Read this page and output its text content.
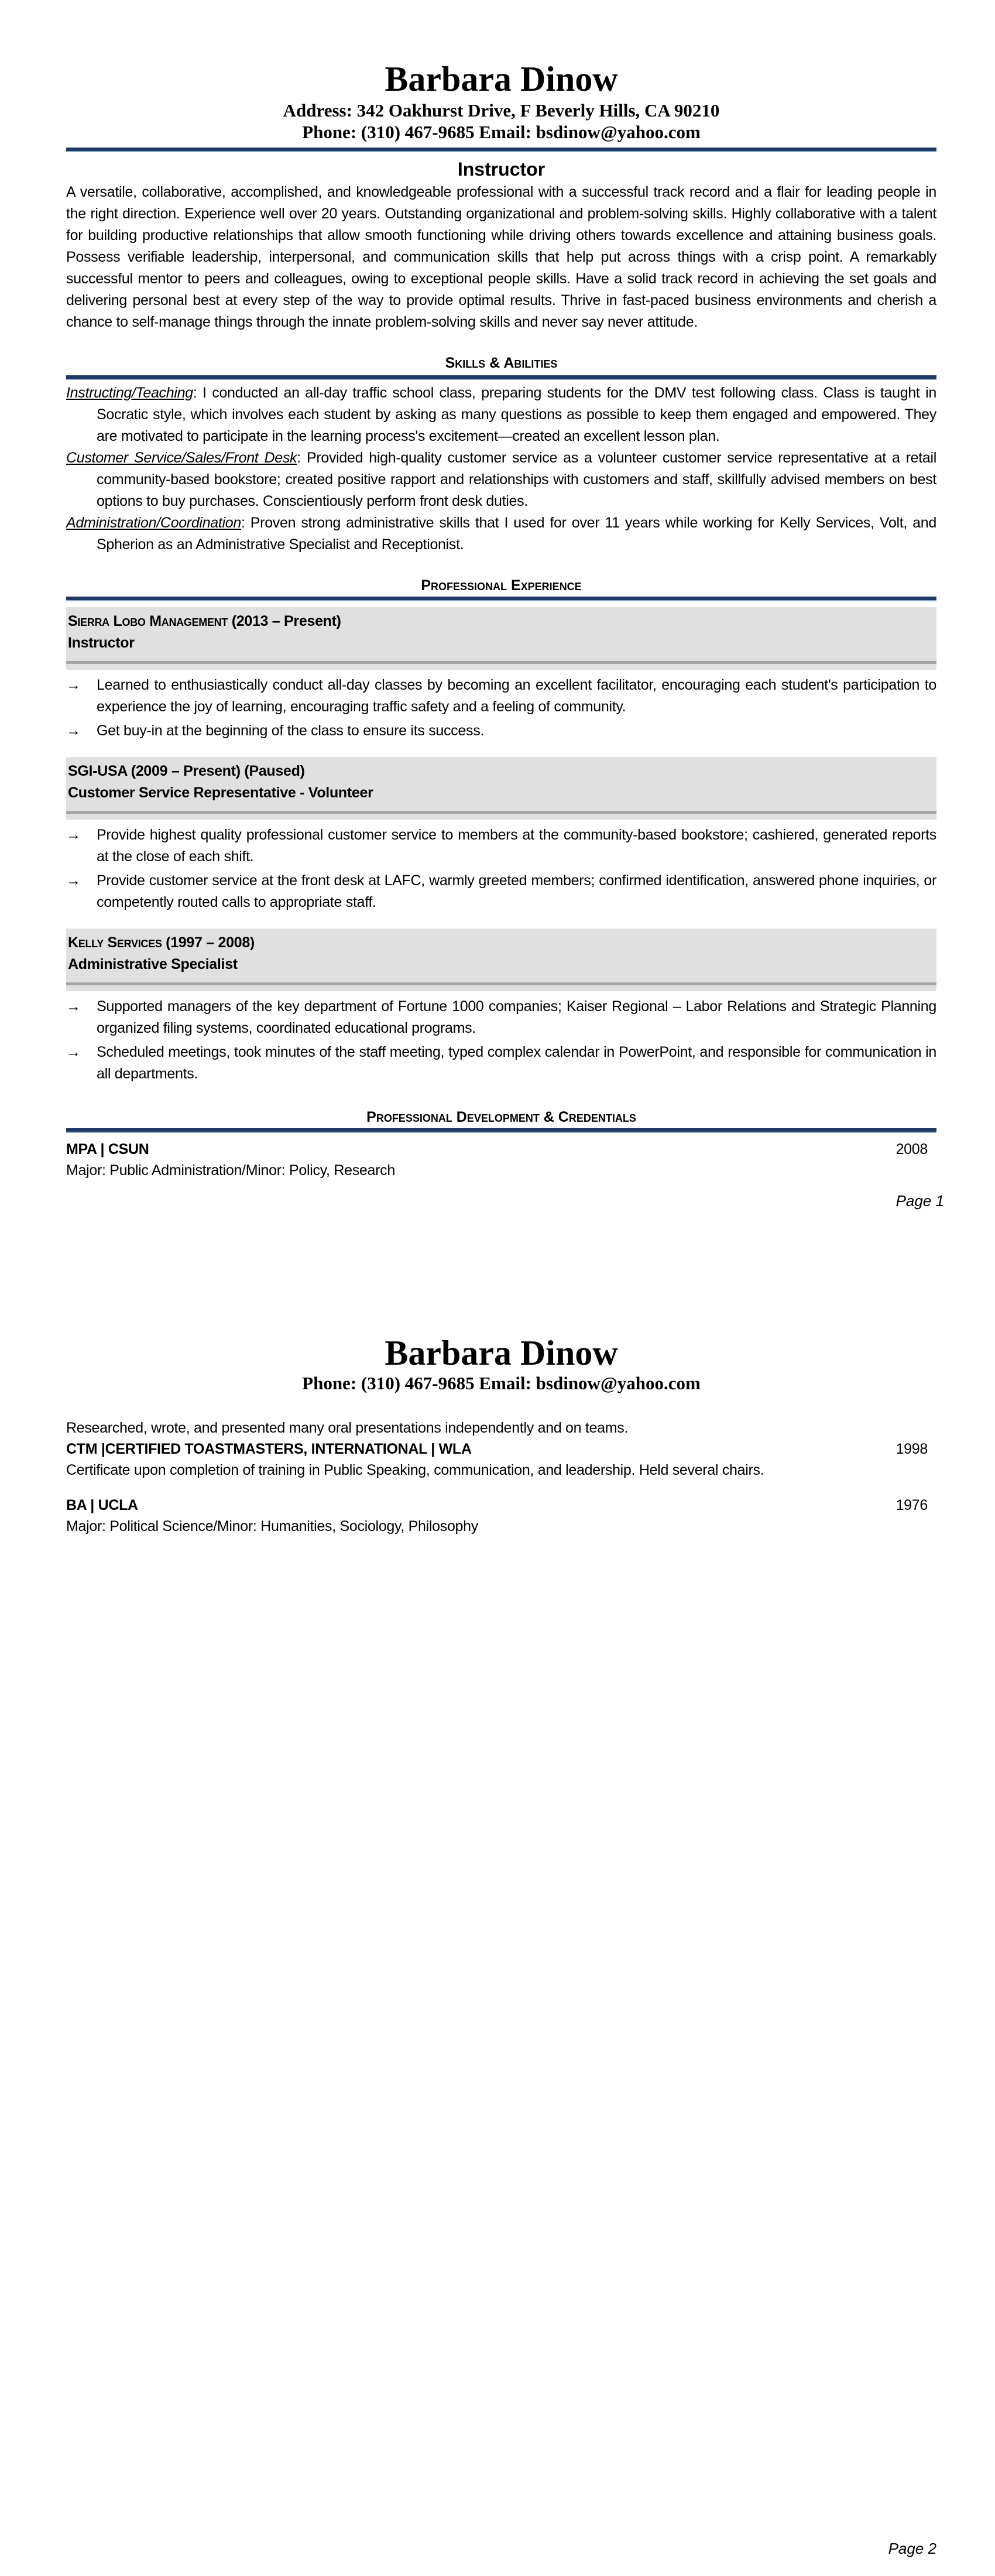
Barbara Dinow
Address: 342 Oakhurst Drive, F Beverly Hills, CA 90210
Phone: (310) 467-9685 Email: bsdinow@yahoo.com
Instructor
A versatile, collaborative, accomplished, and knowledgeable professional with a successful track record and a flair for leading people in the right direction. Experience well over 20 years. Outstanding organizational and problem-solving skills. Highly collaborative with a talent for building productive relationships that allow smooth functioning while driving others towards excellence and attaining business goals. Possess verifiable leadership, interpersonal, and communication skills that help put across things with a crisp point. A remarkably successful mentor to peers and colleagues, owing to exceptional people skills. Have a solid track record in achieving the set goals and delivering personal best at every step of the way to provide optimal results. Thrive in fast-paced business environments and cherish a chance to self-manage things through the innate problem-solving skills and never say never attitude.
Skills & Abilities
Instructing/Teaching: I conducted an all-day traffic school class, preparing students for the DMV test following class. Class is taught in Socratic style, which involves each student by asking as many questions as possible to keep them engaged and empowered. They are motivated to participate in the learning process's excitement—created an excellent lesson plan.
Customer Service/Sales/Front Desk: Provided high-quality customer service as a volunteer customer service representative at a retail community-based bookstore; created positive rapport and relationships with customers and staff, skillfully advised members on best options to buy purchases. Conscientiously perform front desk duties.
Administration/Coordination: Proven strong administrative skills that I used for over 11 years while working for Kelly Services, Volt, and Spherion as an Administrative Specialist and Receptionist.
Professional Experience
Sierra Lobo Management (2013 – Present)
Instructor
→	Learned to enthusiastically conduct all-day classes by becoming an excellent facilitator, encouraging each student's participation to experience the joy of learning, encouraging traffic safety and a feeling of community.
→	Get buy-in at the beginning of the class to ensure its success.
SGI-USA (2009 – Present) (Paused)
Customer Service Representative - Volunteer
→	Provide highest quality professional customer service to members at the community-based bookstore; cashiered, generated reports at the close of each shift.
→	Provide customer service at the front desk at LAFC, warmly greeted members; confirmed identification, answered phone inquiries, or competently routed calls to appropriate staff.
Kelly Services (1997 – 2008)
Administrative Specialist
→	Supported managers of the key department of Fortune 1000 companies; Kaiser Regional – Labor Relations and Strategic Planning organized filing systems, coordinated educational programs.
→	Scheduled meetings, took minutes of the staff meeting, typed complex calendar in PowerPoint, and responsible for communication in all departments.
Professional Development & Credentials
MPA | CSUN	2008
Major: Public Administration/Minor: Policy, Research
Page 1
Barbara Dinow
Phone: (310) 467-9685 Email: bsdinow@yahoo.com
Researched, wrote, and presented many oral presentations independently and on teams.
CTM |CERTIFIED TOASTMASTERS, INTERNATIONAL | WLA	1998
Certificate upon completion of training in Public Speaking, communication, and leadership. Held several chairs.
BA | UCLA	1976
Major: Political Science/Minor: Humanities, Sociology, Philosophy
Page 2
